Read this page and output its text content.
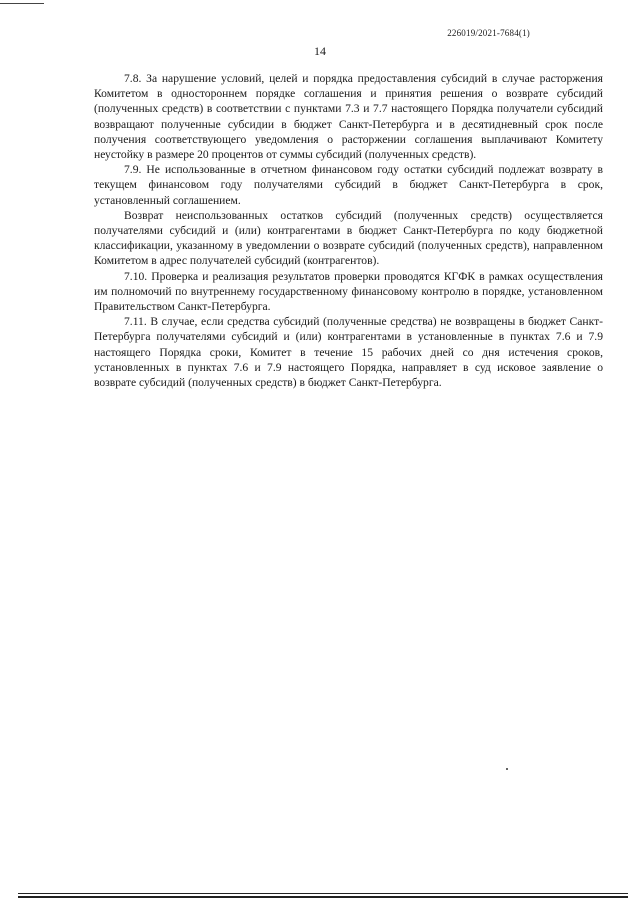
226019/2021-7684(1)
14

7.8. За нарушение условий, целей и порядка предоставления субсидий в случае расторжения Комитетом в одностороннем порядке соглашения и принятия решения о возврате субсидий (полученных средств) в соответствии с пунктами 7.3 и 7.7 настоящего Порядка получатели субсидий возвращают полученные субсидии в бюджет Санкт-Петербурга и в десятидневный срок после получения соответствующего уведомления о расторжении соглашения выплачивают Комитету неустойку в размере 20 процентов от суммы субсидий (полученных средств).

7.9. Не использованные в отчетном финансовом году остатки субсидий подлежат возврату в текущем финансовом году получателями субсидий в бюджет Санкт-Петербурга в срок, установленный соглашением.

Возврат неиспользованных остатков субсидий (полученных средств) осуществляется получателями субсидий и (или) контрагентами в бюджет Санкт-Петербурга по коду бюджетной классификации, указанному в уведомлении о возврате субсидий (полученных средств), направленном Комитетом в адрес получателей субсидий (контрагентов).

7.10. Проверка и реализация результатов проверки проводятся КГФК в рамках осуществления им полномочий по внутреннему государственному финансовому контролю в порядке, установленном Правительством Санкт-Петербурга.

7.11. В случае, если средства субсидий (полученные средства) не возвращены в бюджет Санкт-Петербурга получателями субсидий и (или) контрагентами в установленные в пунктах 7.6 и 7.9 настоящего Порядка сроки, Комитет в течение 15 рабочих дней со дня истечения сроков, установленных в пунктах 7.6 и 7.9 настоящего Порядка, направляет в суд исковое заявление о возврате субсидий (полученных средств) в бюджет Санкт-Петербурга.
